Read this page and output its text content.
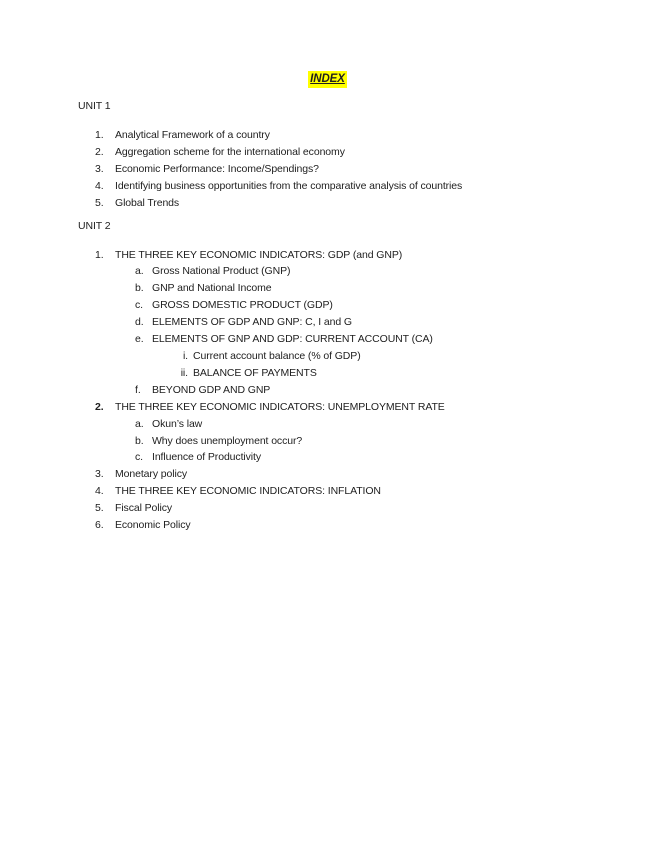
INDEX
UNIT 1
1.	Analytical Framework of a country
2.	Aggregation scheme for the international economy
3.	Economic Performance: Income/Spendings?
4.	Identifying business opportunities from the comparative analysis of countries
5.	Global Trends
UNIT 2
1.	THE THREE KEY ECONOMIC INDICATORS: GDP (and GNP)
a. Gross National Product (GNP)
b. GNP and National Income
c. GROSS DOMESTIC PRODUCT (GDP)
d. ELEMENTS OF GDP AND GNP: C, I and G
e. ELEMENTS OF GNP AND GDP: CURRENT ACCOUNT (CA)
i. Current account balance (% of GDP)
ii. BALANCE OF PAYMENTS
f.	BEYOND GDP AND GNP
2.	THE THREE KEY ECONOMIC INDICATORS: UNEMPLOYMENT RATE
a. Okun’s law
b. Why does unemployment occur?
c. Influence of Productivity
3.	Monetary policy
4.	THE THREE KEY ECONOMIC INDICATORS: INFLATION
5.	Fiscal Policy
6.	Economic Policy
